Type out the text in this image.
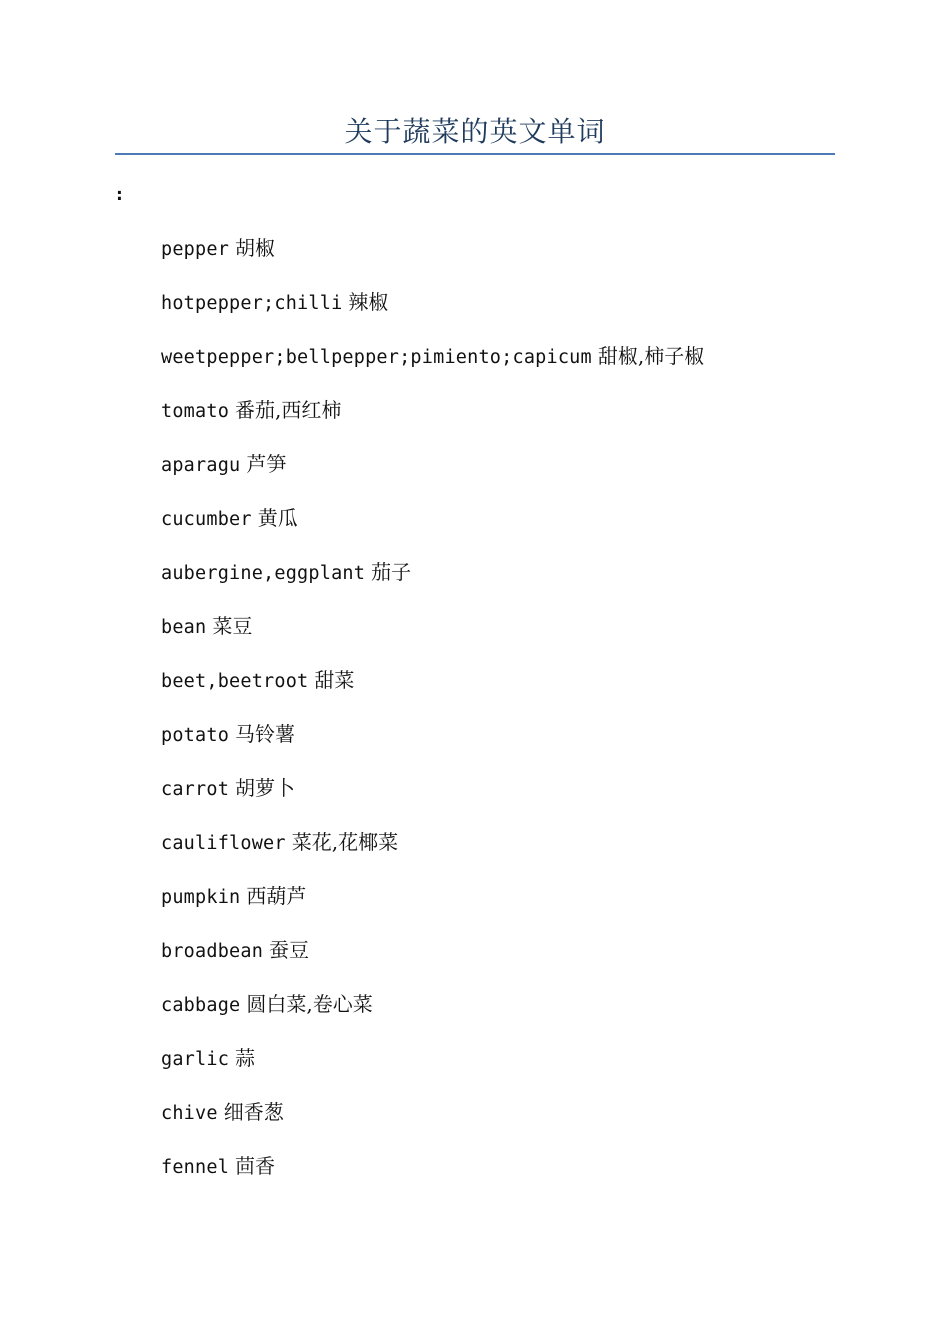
关于蔬菜的英文单词
:
pepper 胡椒
hotpepper;chilli 辣椒
weetpepper;bellpepper;pimiento;capicum 甜椒,柿子椒
tomato 番茄,西红柿
aparagu 芦笋
cucumber 黄瓜
aubergine,eggplant 茄子
bean 菜豆
beet,beetroot 甜菜
potato 马铃薯
carrot 胡萝卜
cauliflower 菜花,花椰菜
pumpkin 西葫芦
broadbean 蚕豆
cabbage 圆白菜,卷心菜
garlic 蒜
chive 细香葱
fennel 茴香
